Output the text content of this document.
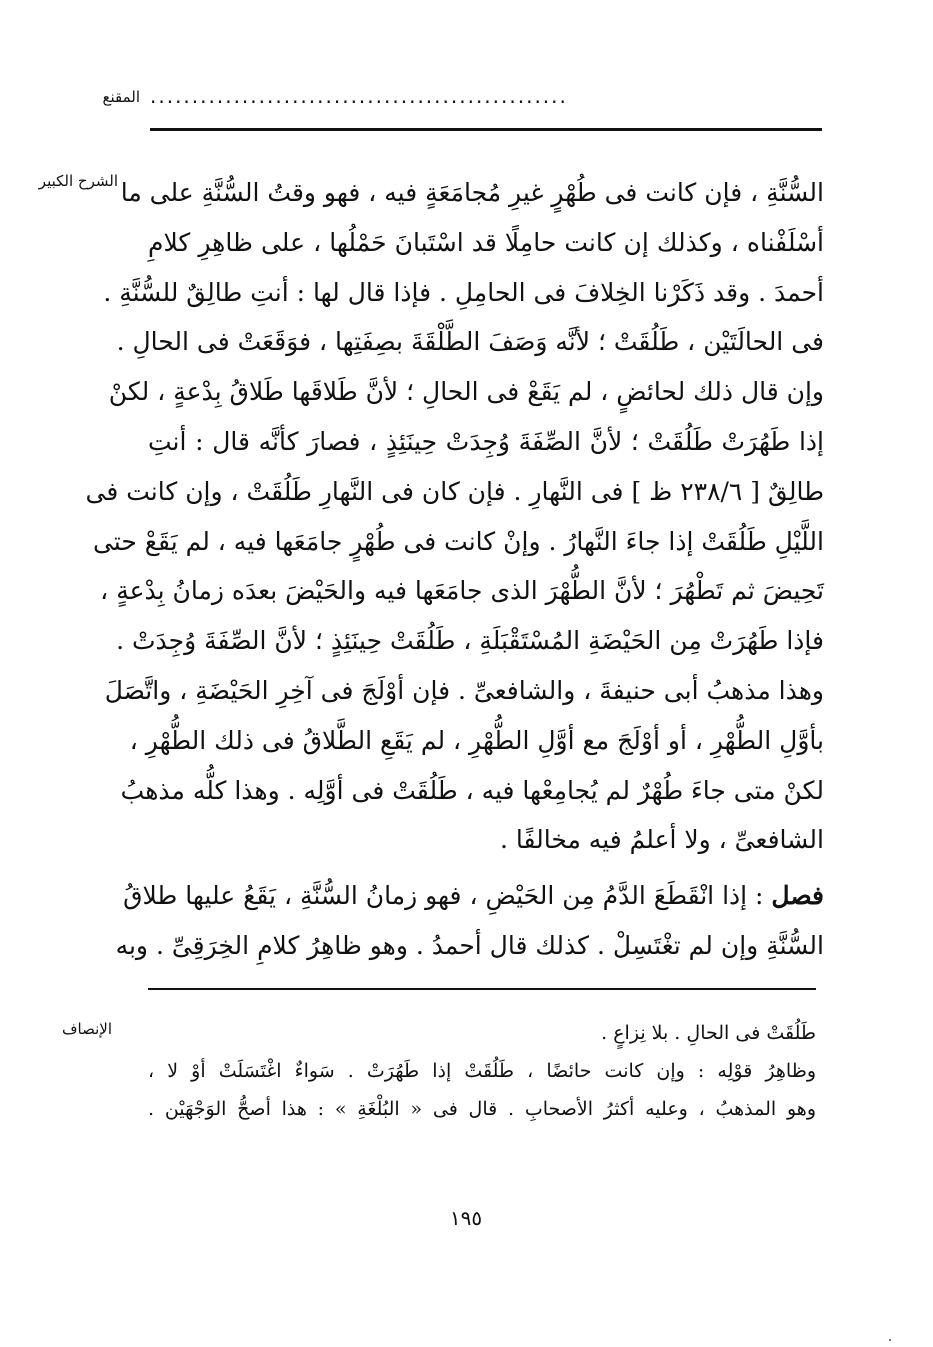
..................................................
المقنع
الشرح الكبير السُّنَّةِ ، فإن كانت فى طُهْرٍ غيرِ مُجامَعَةٍ فيه ، فهو وقتُ السُّنَّةِ على ما
أسْلَفْناه ، وكذلك إن كانت حامِلًا قد اسْتَبانَ حَمْلُها ، على ظاهِرِ كلامِ
أحمدَ . وقد ذَكَرْنا الخِلافَ فى الحامِلِ . فإذا قال لها : أنتِ طالِقٌ للسُّنَّةِ .
فى الحالَتَيْن ، طَلُقَتْ ؛ لأنَّه وَصَفَ الطَّلْقَةَ بصِفَتِها ، فوَقَعَتْ فى الحالِ .
وإن قال ذلك لحائضٍ ، لم يَقَعْ فى الحالِ ؛ لأنَّ طَلاقَها طَلاقُ بِدْعةٍ ، لكنْ
إذا طَهُرَتْ طَلُقَتْ ؛ لأنَّ الصِّفَةَ وُجِدَتْ حِينَئِذٍ ، فصارَ كأنَّه قال : أنتِ
طالِقٌ [ ٢٣٨/٦ ظ ] فى النَّهارِ . فإن كان فى النَّهارِ طَلُقَتْ ، وإن كانت فى
اللَّيْلِ طَلُقَتْ إذا جاءَ النَّهارُ . وإنْ كانت فى طُهْرٍ جامَعَها فيه ، لم يَقَعْ حتى
تَحِيضَ ثم تَطْهُرَ ؛ لأنَّ الطُّهْرَ الذى جامَعَها فيه والحَيْضَ بعدَه زمانُ بِدْعةٍ ،
فإذا طَهُرَتْ مِن الحَيْضَةِ المُسْتَقْبَلَةِ ، طَلُقَتْ حِينَئِذٍ ؛ لأنَّ الصِّفَةَ وُجِدَتْ .
وهذا مذهبُ أبى حنيفةَ ، والشافعىِّ . فإن أوْلَجَ فى آخِرِ الحَيْضَةِ ، واتَّصَلَ
بأوَّلِ الطُّهْرِ ، أو أوْلَجَ مع أوَّلِ الطُّهْرِ ، لم يَقَعِ الطَّلاقُ فى ذلك الطُّهْرِ ،
لكنْ متى جاءَ طُهْرٌ لم يُجامِعْها فيه ، طَلُقَتْ فى أوَّلِه . وهذا كلُّه مذهبُ
الشافعىِّ ، ولا أعلمُ فيه مخالفًا .
فصل : إذا انْقَطَعَ الدَّمُ مِن الحَيْضِ ، فهو زمانُ السُّنَّةِ ، يَقَعُ عليها طلاقُ
السُّنَّةِ وإن لم تغْتَسِلْ . كذلك قال أحمدُ . وهو ظاهِرُ كلامِ الخِرَقِىِّ . وبه
الإنصاف	طَلُقَتْ فى الحالِ . بلا نِزاعٍ .
وظاهِرُ قوْلِه : وإن كانت حائضًا ، طَلُقَتْ إذا طَهُرَتْ . سَواءٌ اغْتَسَلَتْ أوْ لا ،
وهو المذهبُ ، وعليه أكثرُ الأصحابِ . قال فى « البُلْغَةِ » : هذا أصحُّ الوَجْهَيْن .
١٩٥
